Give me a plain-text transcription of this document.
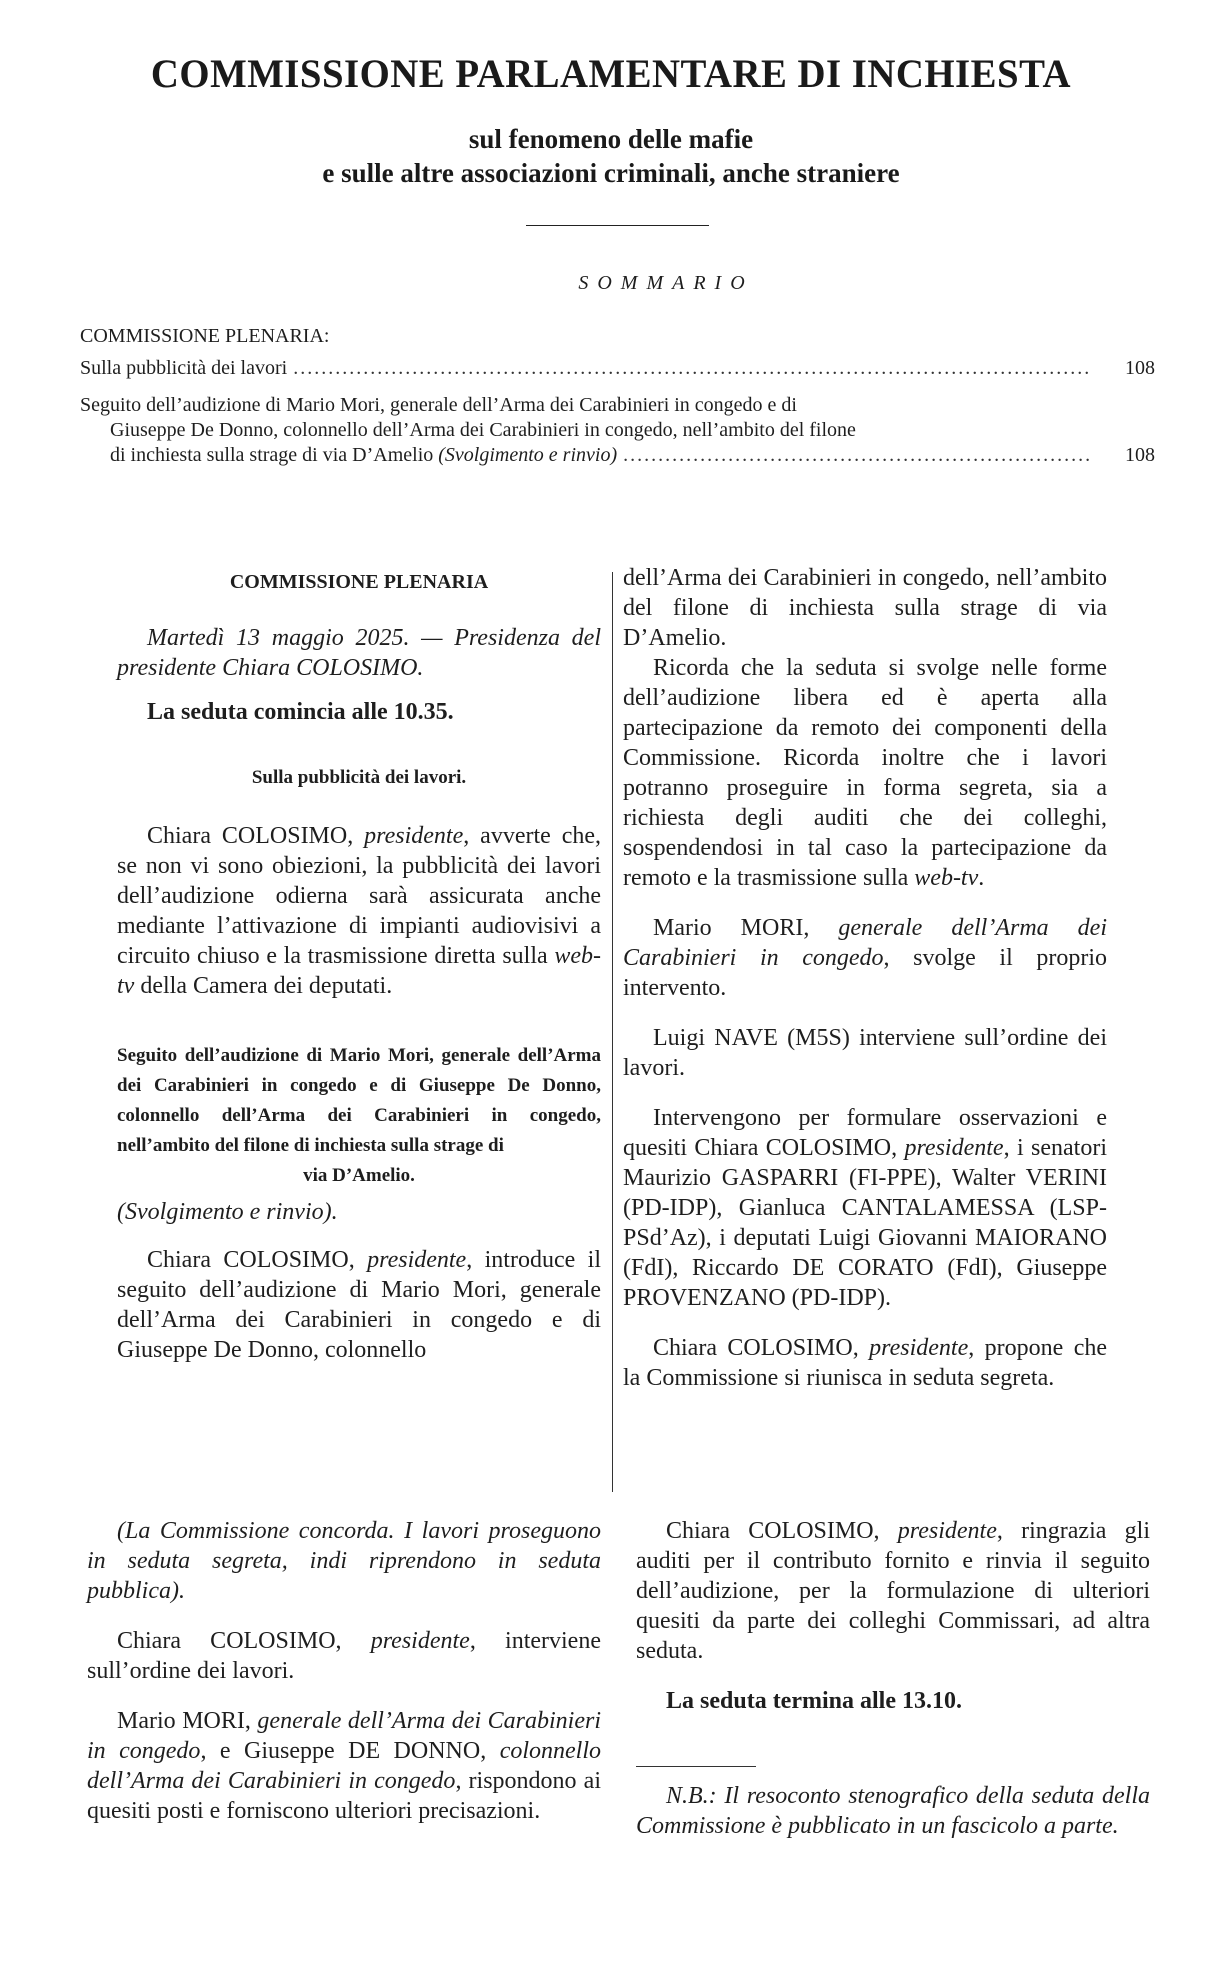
COMMISSIONE PARLAMENTARE DI INCHIESTA
sul fenomeno delle mafie
e sulle altre associazioni criminali, anche straniere
SOMMARIO
COMMISSIONE PLENARIA:
Sulla pubblicità dei lavori .....	108
Seguito dell’audizione di Mario Mori, generale dell’Arma dei Carabinieri in congedo e di
Giuseppe De Donno, colonnello dell’Arma dei Carabinieri in congedo, nell’ambito del filone
di inchiesta sulla strage di via D’Amelio
(Svolgimento e rinvio) .....	108

COMMISSIONE PLENARIA

Martedì 13 maggio 2025. — Presidenza del presidente Chiara COLOSIMO.

La seduta comincia alle 10.35.

Sulla pubblicità dei lavori.

Chiara COLOSIMO, presidente, avverte che, se non vi sono obiezioni, la pubblicità dei lavori dell’audizione odierna sarà assicurata anche mediante l’attivazione di impianti audiovisivi a circuito chiuso e la trasmissione diretta sulla web-tv della Camera dei deputati.

Seguito dell’audizione di Mario Mori, generale dell’Arma dei Carabinieri in congedo e di Giuseppe De Donno, colonnello dell’Arma dei Carabinieri in congedo, nell’ambito del filone di inchiesta sulla strage di
via D’Amelio.

(Svolgimento e rinvio).

Chiara COLOSIMO, presidente, introduce il seguito dell’audizione di Mario Mori, generale dell’Arma dei Carabinieri in congedo e di Giuseppe De Donno, colonnello

dell’Arma dei Carabinieri in congedo, nell’ambito del filone di inchiesta sulla strage di via D’Amelio.

Ricorda che la seduta si svolge nelle forme dell’audizione libera ed è aperta alla partecipazione da remoto dei componenti della Commissione. Ricorda inoltre che i lavori potranno proseguire in forma segreta, sia a richiesta degli auditi che dei colleghi, sospendendosi in tal caso la partecipazione da remoto e la trasmissione sulla web-tv.

Mario MORI, generale dell’Arma dei Carabinieri in congedo, svolge il proprio intervento.

Luigi NAVE (M5S) interviene sull’ordine dei lavori.

Intervengono per formulare osservazioni e quesiti Chiara COLOSIMO, presidente, i senatori Maurizio GASPARRI (FI-PPE), Walter VERINI (PD-IDP), Gianluca CANTALAMESSA (LSP-PSd’Az), i deputati Luigi Giovanni MAIORANO (FdI), Riccardo DE CORATO (FdI), Giuseppe PROVENZANO (PD-IDP).

Chiara COLOSIMO, presidente, propone che la Commissione si riunisca in seduta segreta.

(La Commissione concorda. I lavori proseguono in seduta segreta, indi riprendono in seduta pubblica).

Chiara COLOSIMO, presidente, interviene sull’ordine dei lavori.

Mario MORI, generale dell’Arma dei Carabinieri in congedo, e Giuseppe DE DONNO, colonnello dell’Arma dei Carabinieri in congedo, rispondono ai quesiti posti e forniscono ulteriori precisazioni.

Chiara COLOSIMO, presidente, ringrazia gli auditi per il contributo fornito e rinvia il seguito dell’audizione, per la formulazione di ulteriori quesiti da parte dei colleghi Commissari, ad altra seduta.

La seduta termina alle 13.10.

N.B.: Il resoconto stenografico della seduta della Commissione è pubblicato in un fascicolo a parte.
